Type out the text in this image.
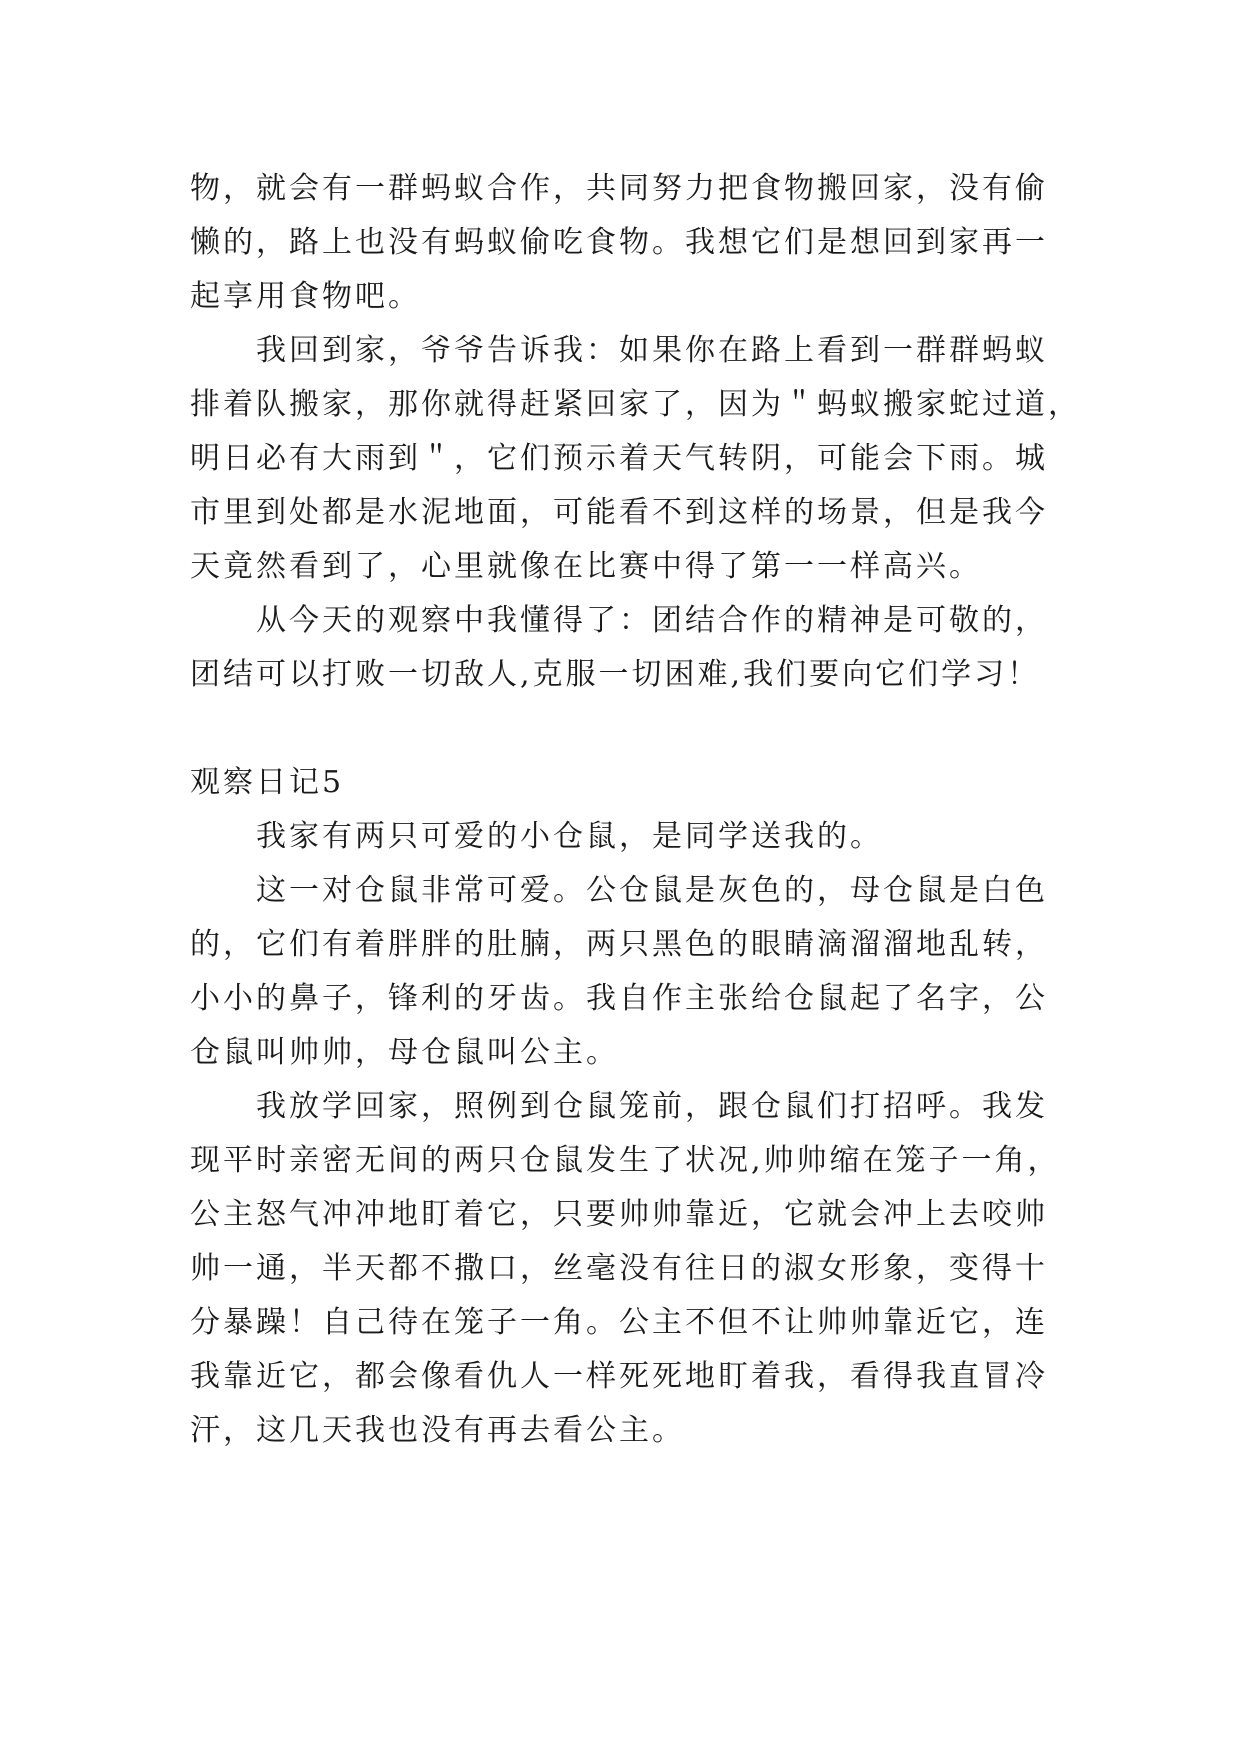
物，就会有一群蚂蚁合作，共同努力把食物搬回家，没有偷
懒的，路上也没有蚂蚁偷吃食物。我想它们是想回到家再一
起享用食物吧。
我回到家，爷爷告诉我：如果你在路上看到一群群蚂蚁
排着队搬家，那你就得赶紧回家了，因为＂蚂蚁搬家蛇过道，
明日必有大雨到＂，它们预示着天气转阴，可能会下雨。城
市里到处都是水泥地面，可能看不到这样的场景，但是我今
天竟然看到了，心里就像在比赛中得了第一一样高兴。
从今天的观察中我懂得了：团结合作的精神是可敬的，
团结可以打败一切敌人,克服一切困难,我们要向它们学习！
观察日记5
我家有两只可爱的小仓鼠，是同学送我的。
这一对仓鼠非常可爱。公仓鼠是灰色的，母仓鼠是白色
的，它们有着胖胖的肚腩，两只黑色的眼睛滴溜溜地乱转，
小小的鼻子，锋利的牙齿。我自作主张给仓鼠起了名字，公
仓鼠叫帅帅，母仓鼠叫公主。
我放学回家，照例到仓鼠笼前，跟仓鼠们打招呼。我发
现平时亲密无间的两只仓鼠发生了状况,帅帅缩在笼子一角，
公主怒气冲冲地盯着它，只要帅帅靠近，它就会冲上去咬帅
帅一通，半天都不撒口，丝毫没有往日的淑女形象，变得十
分暴躁！自己待在笼子一角。公主不但不让帅帅靠近它，连
我靠近它，都会像看仇人一样死死地盯着我，看得我直冒冷
汗，这几天我也没有再去看公主。
